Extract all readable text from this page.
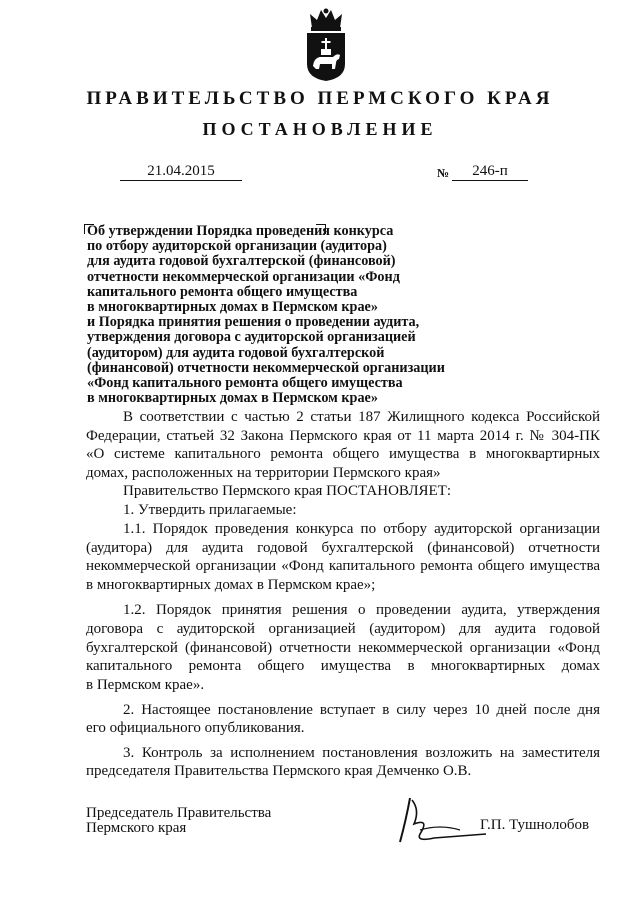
ПРАВИТЕЛЬСТВО ПЕРМСКОГО КРАЯ
ПОСТАНОВЛЕНИЕ
21.04.2015	№	246-п
Об утверждении Порядка проведения конкурса
по отбору аудиторской организации (аудитора)
для аудита годовой бухгалтерской (финансовой)
отчетности некоммерческой организации «Фонд
капитального ремонта общего имущества
в многоквартирных домах в Пермском крае»
и Порядка принятия решения о проведении аудита,
утверждения договора с аудиторской организацией
(аудитором) для аудита годовой бухгалтерской
(финансовой) отчетности некоммерческой организации
«Фонд капитального ремонта общего имущества
в многоквартирных домах в Пермском крае»
В соответствии с частью 2 статьи 187 Жилищного кодекса Российской
Федерации, статьей 32 Закона Пермского края от 11 марта 2014 г. № 304-ПК
«О системе капитального ремонта общего имущества в многоквартирных
домах, расположенных на территории Пермского края»
Правительство Пермского края ПОСТАНОВЛЯЕТ:
1. Утвердить прилагаемые:
1.1. Порядок проведения конкурса по отбору аудиторской организации
(аудитора) для аудита годовой бухгалтерской (финансовой) отчетности
некоммерческой организации «Фонд капитального ремонта общего имущества
в многоквартирных домах в Пермском крае»;
1.2. Порядок принятия решения о проведении аудита, утверждения
договора с аудиторской организацией (аудитором) для аудита годовой
бухгалтерской (финансовой) отчетности некоммерческой организации «Фонд
капитального ремонта общего имущества в многоквартирных домах
в Пермском крае».
2. Настоящее постановление вступает в силу через 10 дней после дня
его официального опубликования.
3. Контроль за исполнением постановления возложить на заместителя
председателя Правительства Пермского края Демченко О.В.
Председатель Правительства
Пермского края	Г.П. Тушнолобов
